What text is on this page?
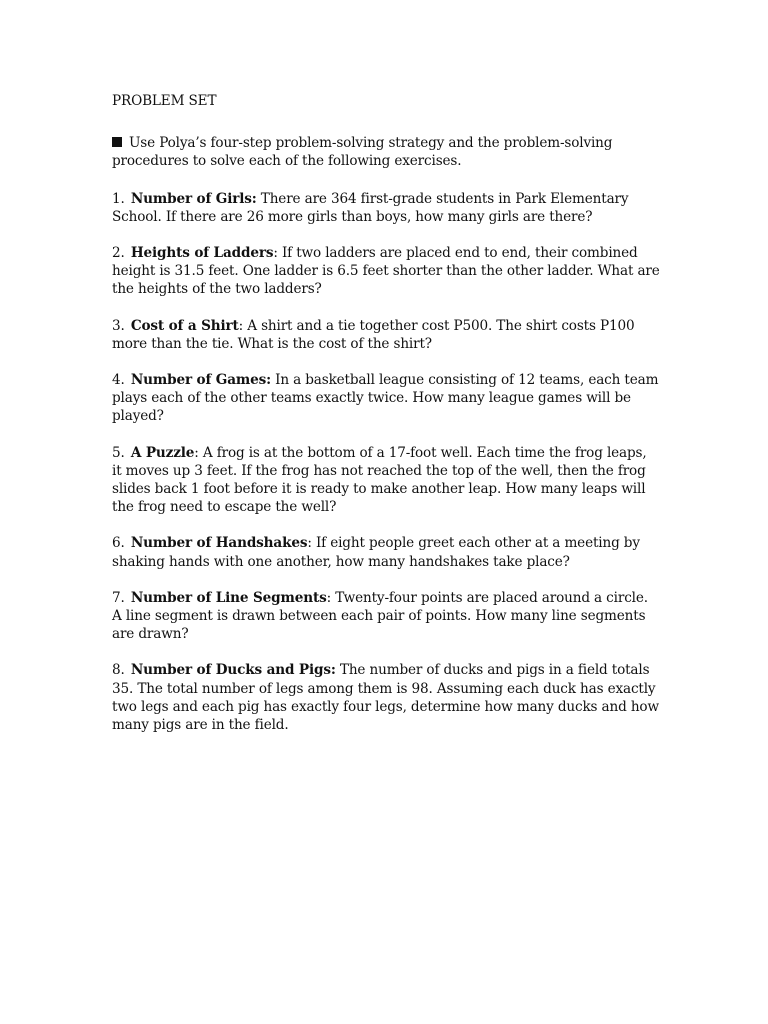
PROBLEM SET

Use Polya’s four-step problem-solving strategy and the problem-solving procedures to solve each of the following exercises.

1. Number of Girls: There are 364 first-grade students in Park Elementary School. If there are 26 more girls than boys, how many girls are there?

2. Heights of Ladders: If two ladders are placed end to end, their combined height is 31.5 feet. One ladder is 6.5 feet shorter than the other ladder. What are the heights of the two ladders?

3. Cost of a Shirt: A shirt and a tie together cost P500. The shirt costs P100 more than the tie. What is the cost of the shirt?

4. Number of Games: In a basketball league consisting of 12 teams, each team plays each of the other teams exactly twice. How many league games will be played?

5. A Puzzle: A frog is at the bottom of a 17-foot well. Each time the frog leaps, it moves up 3 feet. If the frog has not reached the top of the well, then the frog slides back 1 foot before it is ready to make another leap. How many leaps will the frog need to escape the well?

6. Number of Handshakes: If eight people greet each other at a meeting by shaking hands with one another, how many handshakes take place?

7. Number of Line Segments: Twenty-four points are placed around a circle. A line segment is drawn between each pair of points. How many line segments are drawn?

8. Number of Ducks and Pigs: The number of ducks and pigs in a field totals 35. The total number of legs among them is 98. Assuming each duck has exactly two legs and each pig has exactly four legs, determine how many ducks and how many pigs are in the field.
